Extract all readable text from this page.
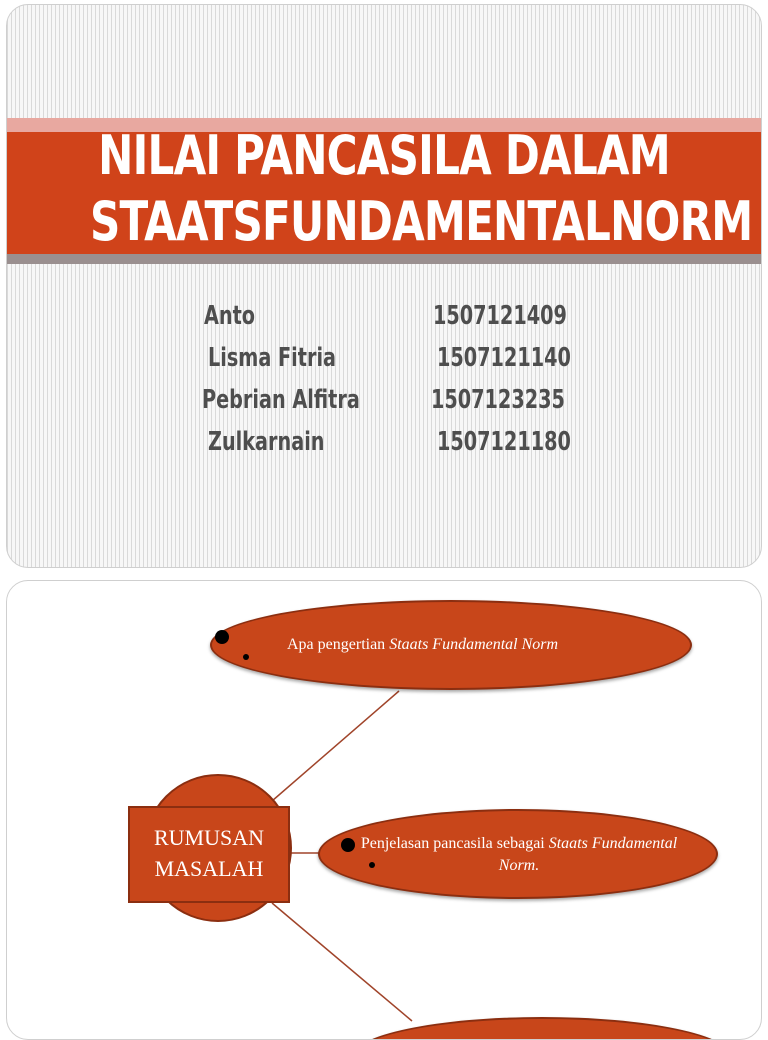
NILAI PANCASILA DALAM
STAATSFUNDAMENTALNORM
Anto	1507121409
Lisma Fitria	1507121140
Pebrian Alfitra	1507123235
Zulkarnain	1507121180
Apa pengertian Staats Fundamental Norm
Penjelasan pancasila sebagai Staats Fundamental
Norm.
RUMUSAN
MASALAH
